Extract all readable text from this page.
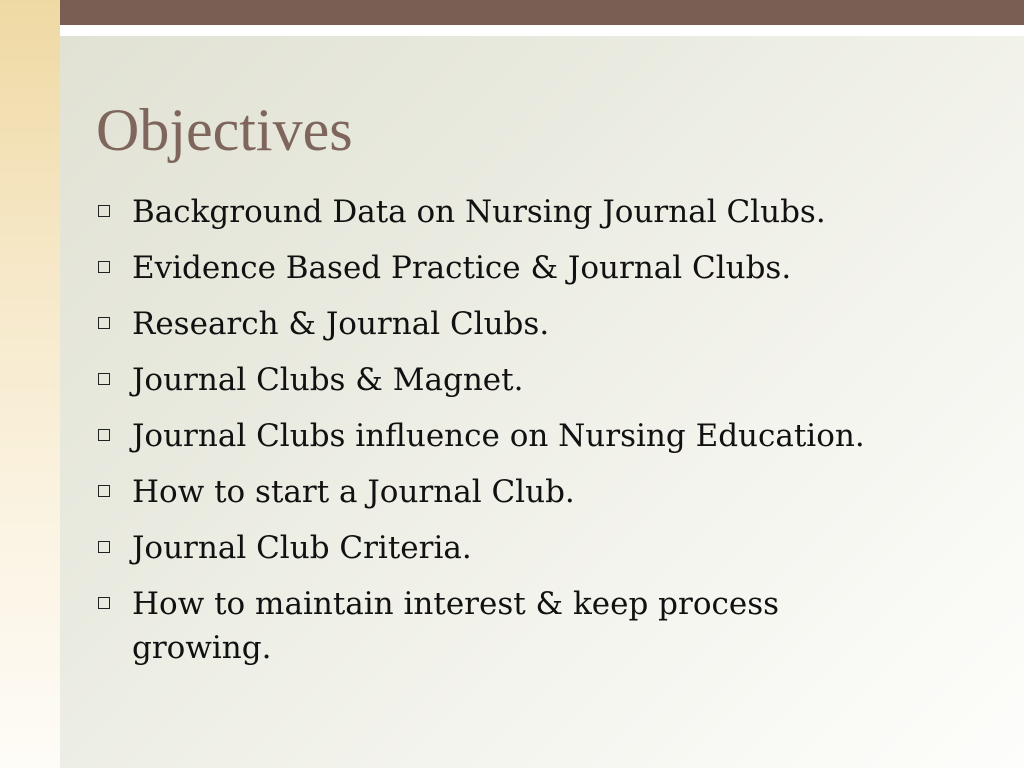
Objectives
Background Data on Nursing Journal Clubs.
Evidence Based Practice & Journal Clubs.
Research & Journal Clubs.
Journal Clubs & Magnet.
Journal Clubs influence on Nursing Education.
How to start a Journal Club.
Journal Club Criteria.
How to maintain interest & keep process growing.
